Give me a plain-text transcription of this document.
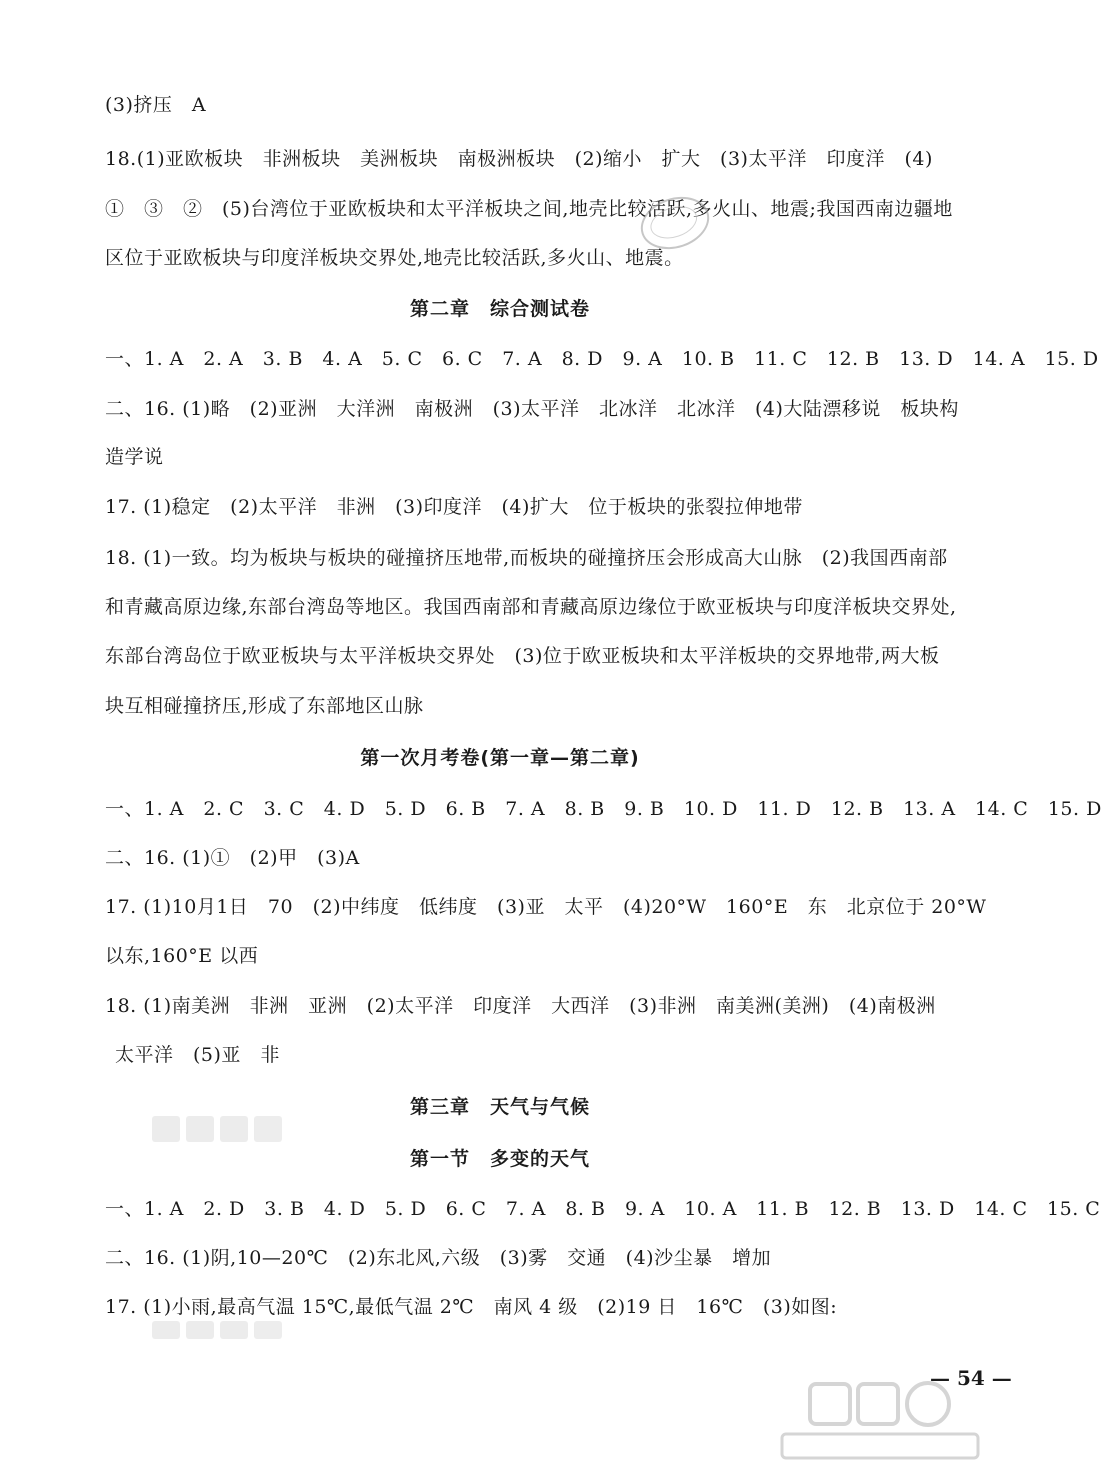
(3)挤压　A
18.(1)亚欧板块　非洲板块　美洲板块　南极洲板块　(2)缩小　扩大　(3)太平洋　印度洋　(4)
①　③　②　(5)台湾位于亚欧板块和太平洋板块之间,地壳比较活跃,多火山、地震;我国西南边疆地
区位于亚欧板块与印度洋板块交界处,地壳比较活跃,多火山、地震。
第二章　综合测试卷
一、1. A　2. A　3. B　4. A　5. C　6. C　7. A　8. D　9. A　10. B　11. C　12. B　13. D　14. A　15. D
二、16. (1)略　(2)亚洲　大洋洲　南极洲　(3)太平洋　北冰洋　北冰洋　(4)大陆漂移说　板块构
造学说
17. (1)稳定　(2)太平洋　非洲　(3)印度洋　(4)扩大　位于板块的张裂拉伸地带
18. (1)一致。均为板块与板块的碰撞挤压地带,而板块的碰撞挤压会形成高大山脉　(2)我国西南部
和青藏高原边缘,东部台湾岛等地区。我国西南部和青藏高原边缘位于欧亚板块与印度洋板块交界处,
东部台湾岛位于欧亚板块与太平洋板块交界处　(3)位于欧亚板块和太平洋板块的交界地带,两大板
块互相碰撞挤压,形成了东部地区山脉
第一次月考卷(第一章—第二章)
一、1. A　2. C　3. C　4. D　5. D　6. B　7. A　8. B　9. B　10. D　11. D　12. B　13. A　14. C　15. D
二、16. (1)①　(2)甲　(3)A
17. (1)10月1日　70　(2)中纬度　低纬度　(3)亚　太平　(4)20°W　160°E　东　北京位于 20°W
以东,160°E 以西
18. (1)南美洲　非洲　亚洲　(2)太平洋　印度洋　大西洋　(3)非洲　南美洲(美洲)　(4)南极洲
太平洋　(5)亚　非
第三章　天气与气候
第一节　多变的天气
一、1. A　2. D　3. B　4. D　5. D　6. C　7. A　8. B　9. A　10. A　11. B　12. B　13. D　14. C　15. C
二、16. (1)阴,10—20℃　(2)东北风,六级　(3)雾　交通　(4)沙尘暴　增加
17. (1)小雨,最高气温 15℃,最低气温 2℃　南风 4 级　(2)19 日　16℃　(3)如图:
— 54 —
